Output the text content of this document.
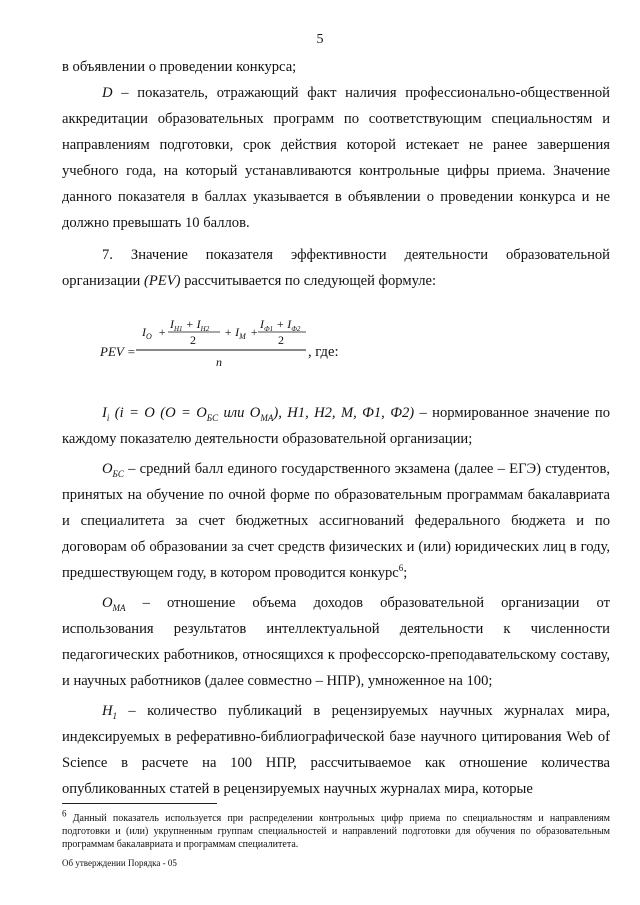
5

в объявлении о проведении конкурса;

D – показатель, отражающий факт наличия профессионально-общественной аккредитации образовательных программ по соответствующим специальностям и направлениям подготовки, срок действия которой истекает не ранее завершения учебного года, на который устанавливаются контрольные цифры приема. Значение данного показателя в баллах указывается в объявлении о проведении конкурса и не должно превышать 10 баллов.

7. Значение показателя эффективности деятельности образовательной организации (PEV) рассчитывается по следующей формуле:

PEV =
$I_O$ +
$I_{H1} + I_{H2}$
2
+ $I_M$ +
$I_{Ф1} + I_{Ф2}$
2
n
, где:

$I_i$ (i = O ($O = O_{БС}$ или $O_{МА}$), H1, H2, M, Ф1, Ф2) – нормированное значение по каждому показателю деятельности образовательной организации;

$O_{БС}$ – средний балл единого государственного экзамена (далее – ЕГЭ) студентов, принятых на обучение по очной форме по образовательным программам бакалавриата и специалитета за счет бюджетных ассигнований федерального бюджета и по договорам об образовании за счет средств физических и (или) юридических лиц в году, предшествующем году, в котором проводится конкурс$^6$;

$O_{МА}$ – отношение объема доходов образовательной организации от использования результатов интеллектуальной деятельности к численности педагогических работников, относящихся к профессорско-преподавательскому составу, и научных работников (далее совместно – НПР), умноженное на 100;

$H_1$ – количество публикаций в рецензируемых научных журналах мира, индексируемых в реферативно-библиографической базе научного цитирования Web of Science в расчете на 100 НПР, рассчитываемое как отношение количества опубликованных статей в рецензируемых научных журналах мира, которые

$^6$ Данный показатель используется при распределении контрольных цифр приема по специальностям и направлениям подготовки и (или) укрупненным группам специальностей и направлений подготовки для обучения по образовательным программам бакалавриата и программам специалитета.
Об утверждении Порядка - 05
